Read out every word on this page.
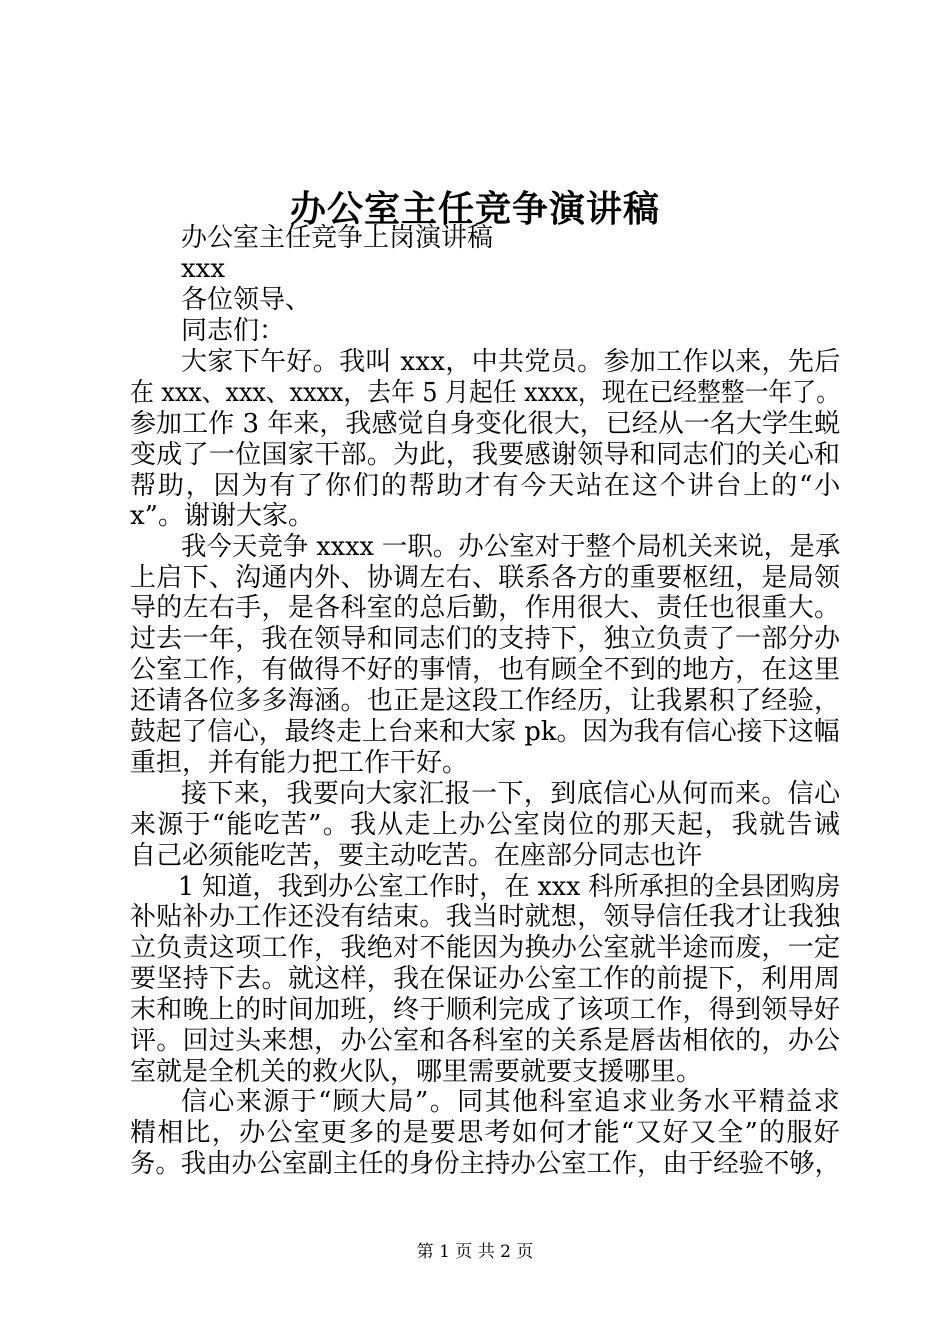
办公室主任竞争演讲稿
办公室主任竞争上岗演讲稿
xxx
各位领导、
同志们：
大家下午好。我叫 xxx，中共党员。参加工作以来，先后
在 xxx、xxx、xxxx，去年 5 月起任 xxxx，现在已经整整一年了。
参加工作 3 年来，我感觉自身变化很大，已经从一名大学生蜕
变成了一位国家干部。为此，我要感谢领导和同志们的关心和
帮助，因为有了你们的帮助才有今天站在这个讲台上的“小
x”。谢谢大家。
我今天竞争 xxxx 一职。办公室对于整个局机关来说，是承
上启下、沟通内外、协调左右、联系各方的重要枢纽，是局领
导的左右手，是各科室的总后勤，作用很大、责任也很重大。
过去一年，我在领导和同志们的支持下，独立负责了一部分办
公室工作，有做得不好的事情，也有顾全不到的地方，在这里
还请各位多多海涵。也正是这段工作经历，让我累积了经验，
鼓起了信心，最终走上台来和大家 pk。因为我有信心接下这幅
重担，并有能力把工作干好。
接下来，我要向大家汇报一下，到底信心从何而来。信心
来源于“能吃苦”。我从走上办公室岗位的那天起，我就告诫
自己必须能吃苦，要主动吃苦。在座部分同志也许
1 知道，我到办公室工作时，在 xxx 科所承担的全县团购房
补贴补办工作还没有结束。我当时就想，领导信任我才让我独
立负责这项工作，我绝对不能因为换办公室就半途而废，一定
要坚持下去。就这样，我在保证办公室工作的前提下，利用周
末和晚上的时间加班，终于顺利完成了该项工作，得到领导好
评。回过头来想，办公室和各科室的关系是唇齿相依的，办公
室就是全机关的救火队，哪里需要就要支援哪里。
信心来源于“顾大局”。同其他科室追求业务水平精益求
精相比，办公室更多的是要思考如何才能“又好又全”的服好
务。我由办公室副主任的身份主持办公室工作，由于经验不够，
第 1 页 共 2 页
